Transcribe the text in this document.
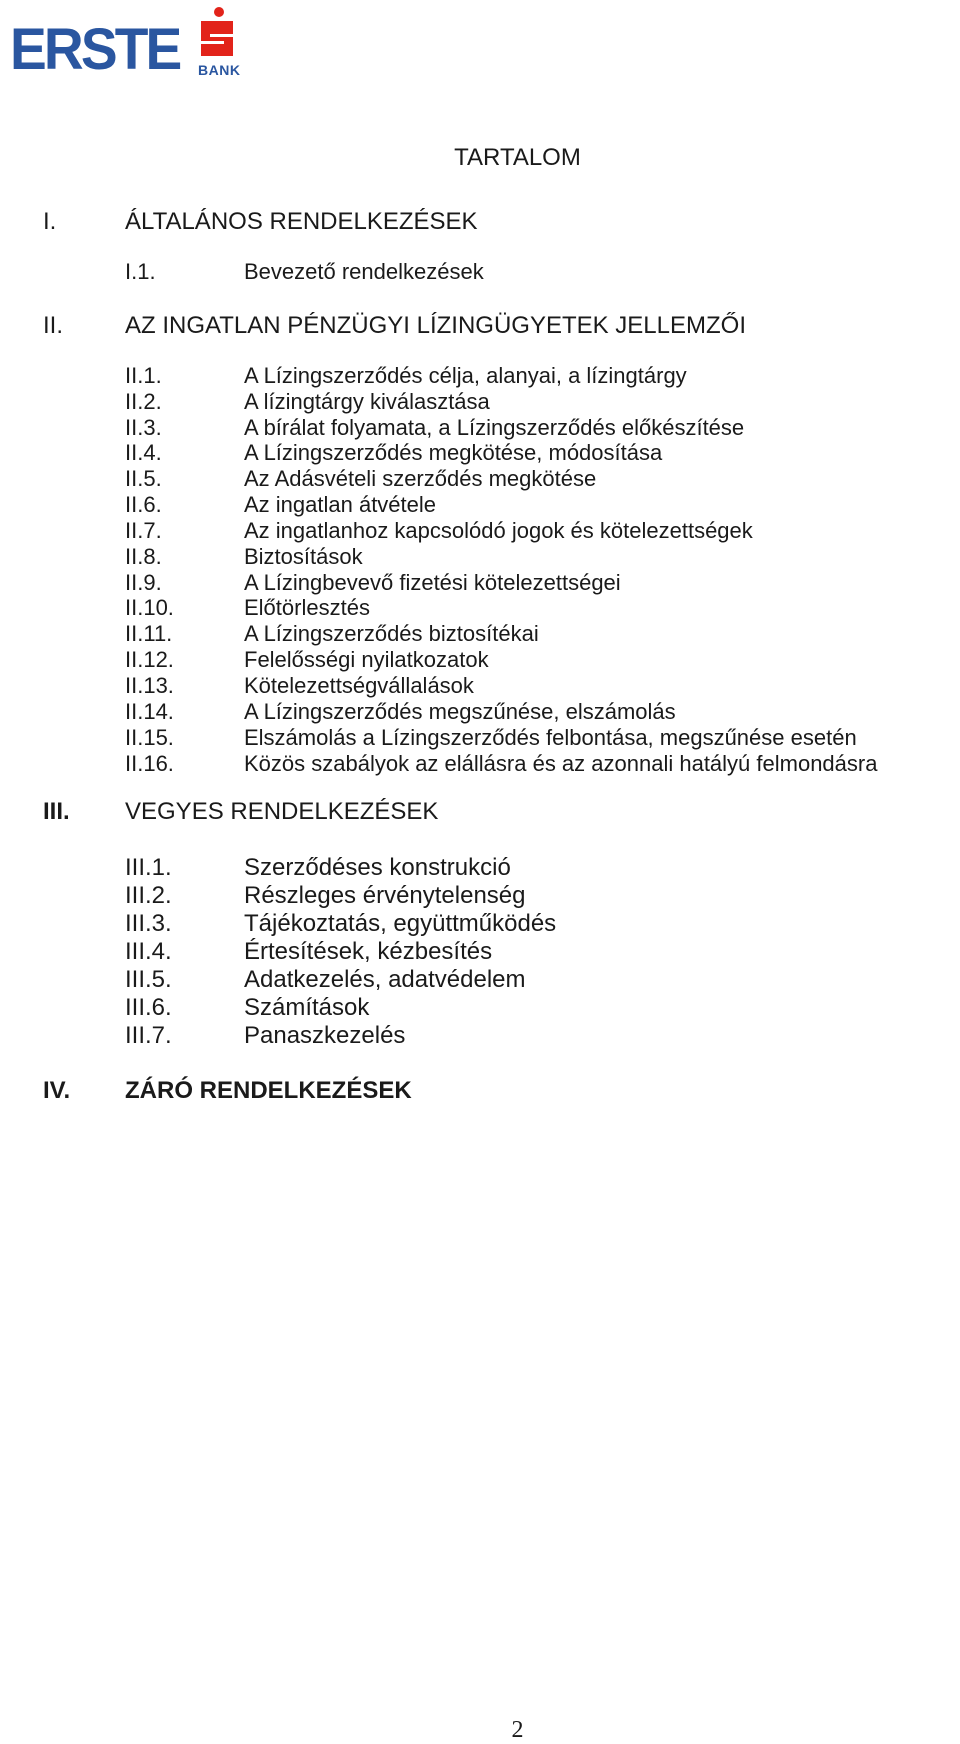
ERSTE BANK
TARTALOM
I.	ÁLTALÁNOS RENDELKEZÉSEK
I.1.	Bevezető rendelkezések
II.	AZ INGATLAN PÉNZÜGYI LÍZINGÜGYETEK JELLEMZŐI
II.1.	A Lízingszerződés célja, alanyai, a lízingtárgy
II.2.	A lízingtárgy kiválasztása
II.3.	A bírálat folyamata, a Lízingszerződés előkészítése
II.4.	A Lízingszerződés megkötése, módosítása
II.5.	Az Adásvételi szerződés megkötése
II.6.	Az ingatlan átvétele
II.7.	Az ingatlanhoz kapcsolódó jogok és kötelezettségek
II.8.	Biztosítások
II.9.	A Lízingbevevő fizetési kötelezettségei
II.10.	Előtörlesztés
II.11.	A Lízingszerződés biztosítékai
II.12.	Felelősségi nyilatkozatok
II.13.	Kötelezettségvállalások
II.14.	A Lízingszerződés megszűnése, elszámolás
II.15.	Elszámolás a Lízingszerződés felbontása, megszűnése esetén
II.16.	Közös szabályok az elállásra és az azonnali hatályú felmondásra
III. VEGYES RENDELKEZÉSEK
III.1.	Szerződéses konstrukció
III.2.	Részleges érvénytelenség
III.3.	Tájékoztatás, együttműködés
III.4.	Értesítések, kézbesítés
III.5.	Adatkezelés, adatvédelem
III.6.	Számítások
III.7.	Panaszkezelés
IV. ZÁRÓ RENDELKEZÉSEK
2
